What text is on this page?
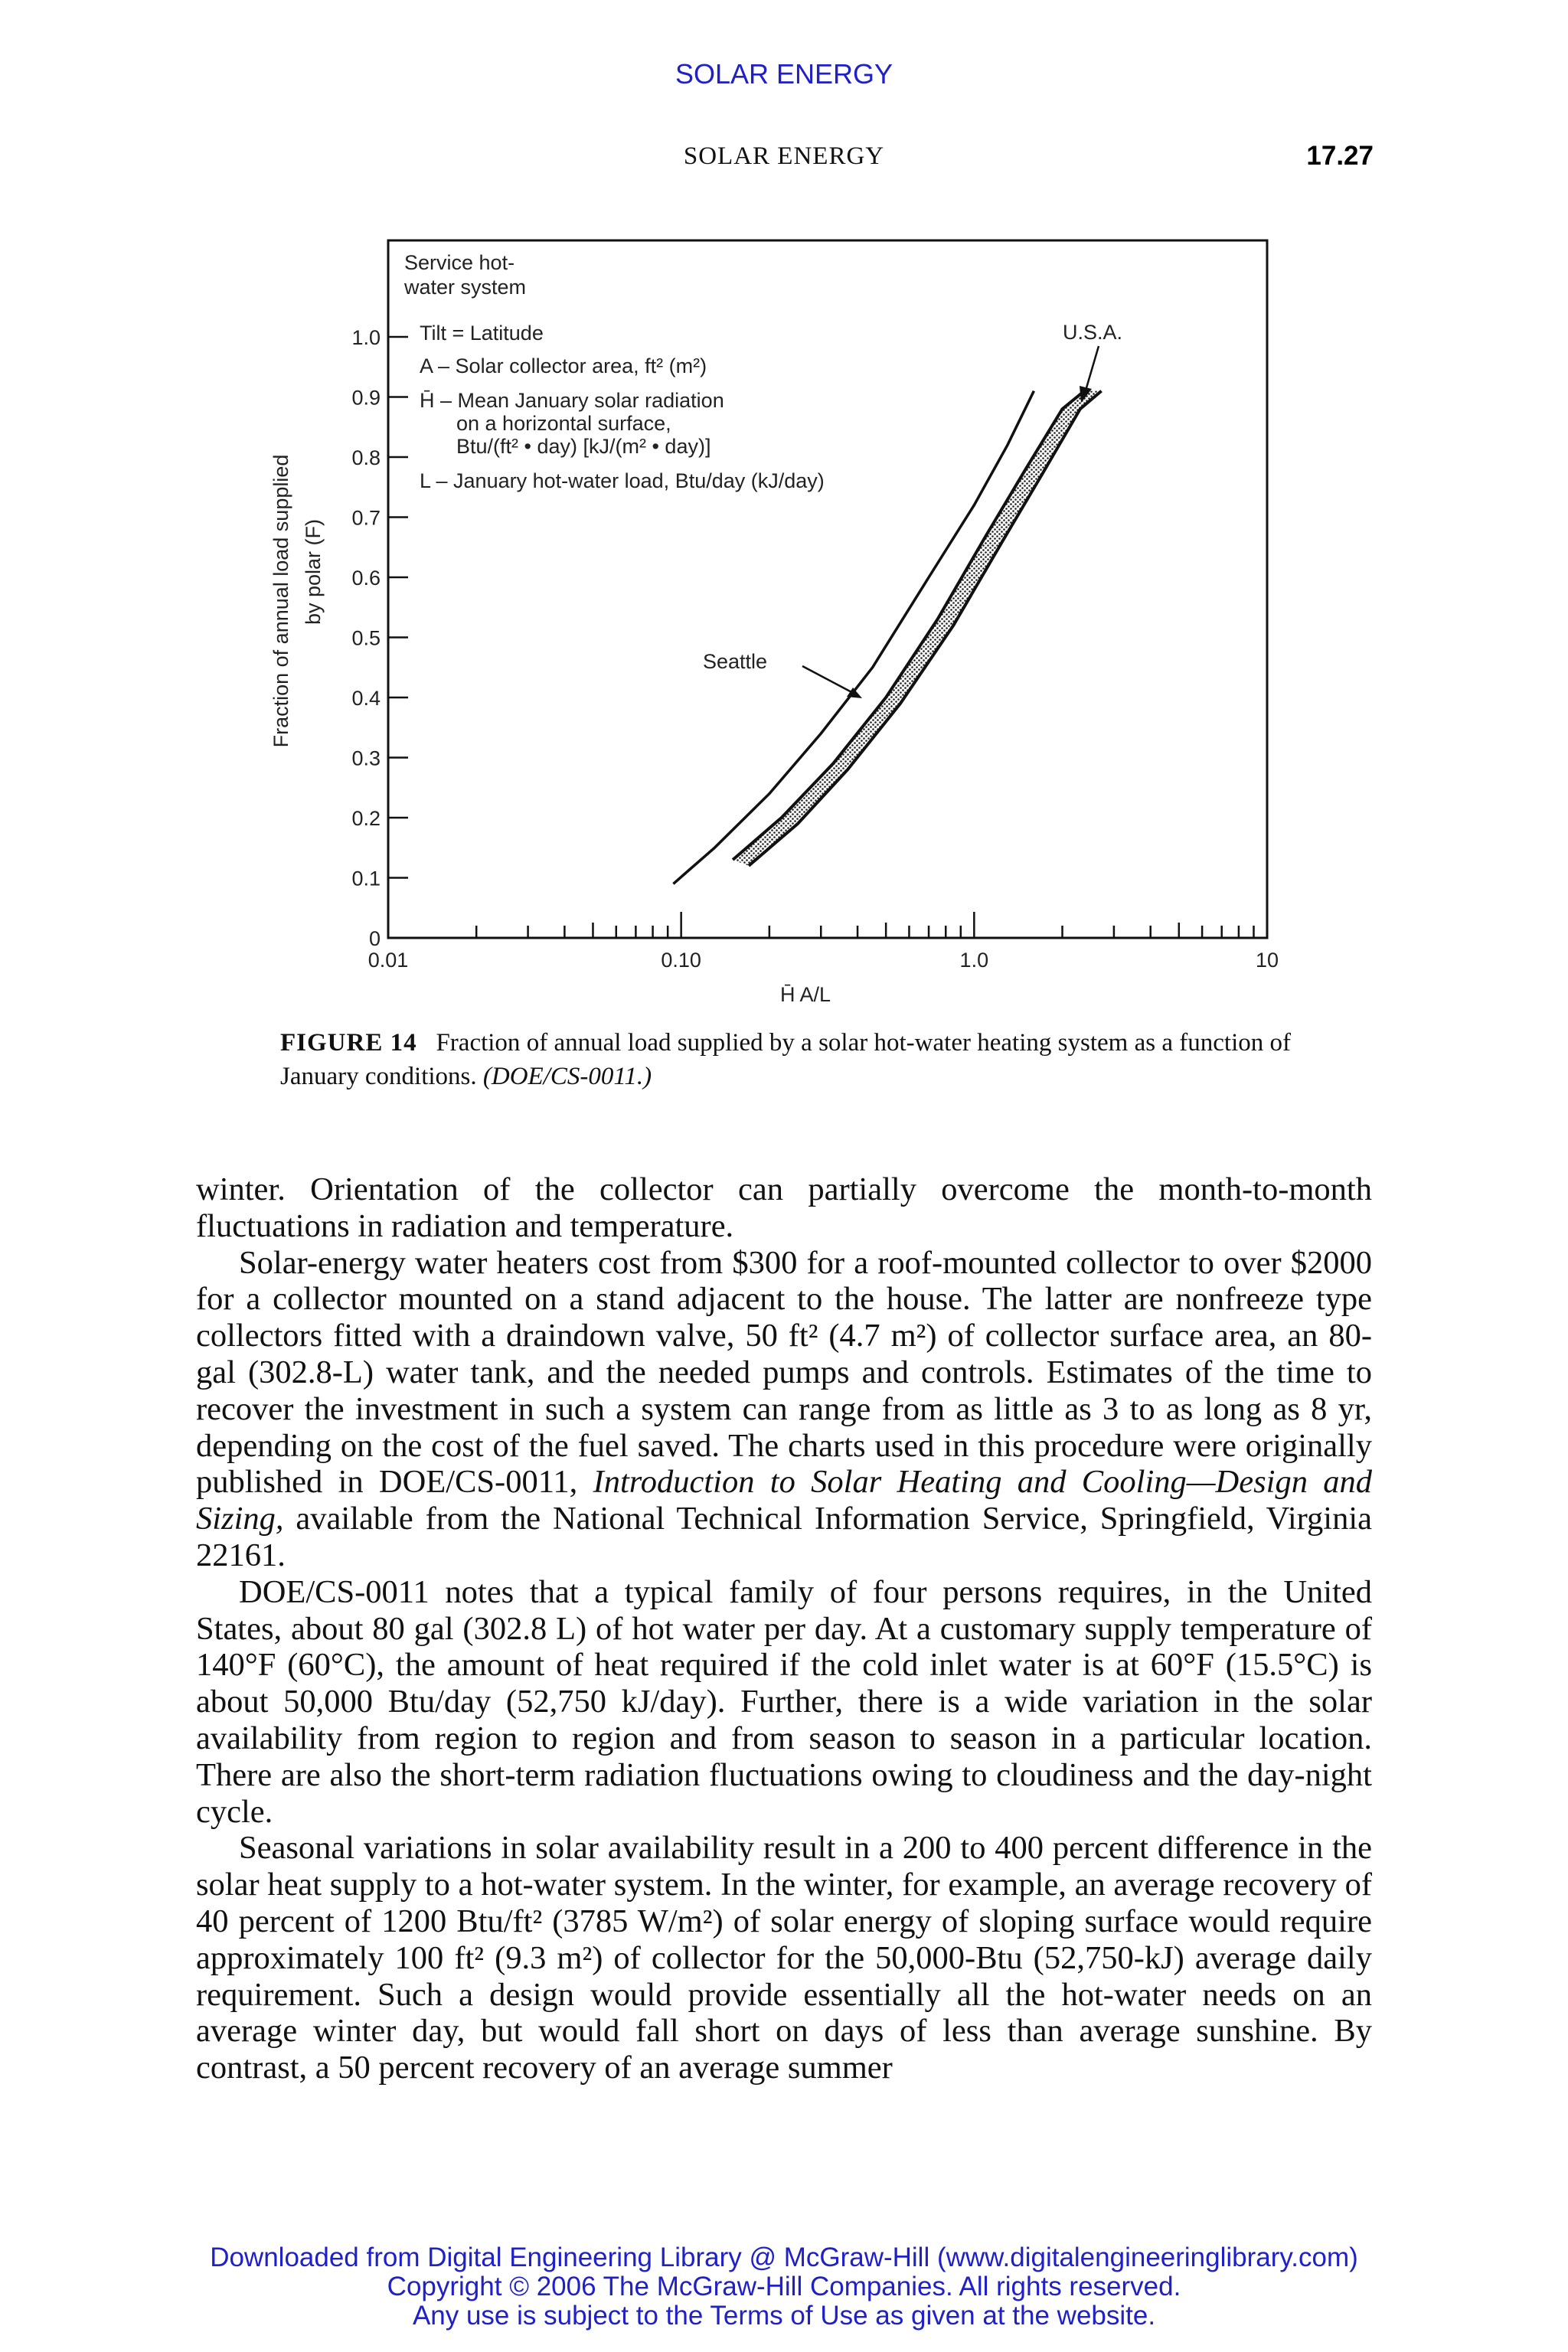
SOLAR ENERGY
SOLAR ENERGY	17.27
0
0.1
0.2
0.3
0.4
0.5
0.6
0.7
0.8
0.9
1.0
0.01	0.10	1.0	10
Service hot-
water system
Tilt = Latitude
A – Solar collector area, ft² (m²)
H̄ – Mean January solar radiation
on a horizontal surface,
Btu/(ft² • day) [kJ/(m² • day)]
L – January hot-water load, Btu/day (kJ/day)
U.S.A.
Seattle
H̄ A/L
Fraction of annual load supplied by polar (F)
FIGURE 14 Fraction of annual load supplied by a solar hot-water heating system as a function of January conditions. (DOE/CS-0011.)

winter. Orientation of the collector can partially overcome the month-to-month fluctuations in radiation and temperature.

Solar-energy water heaters cost from $300 for a roof-mounted collector to over $2000 for a collector mounted on a stand adjacent to the house. The latter are nonfreeze type collectors fitted with a draindown valve, 50 ft² (4.7 m²) of collector surface area, an 80-gal (302.8-L) water tank, and the needed pumps and controls. Estimates of the time to recover the investment in such a system can range from as little as 3 to as long as 8 yr, depending on the cost of the fuel saved. The charts used in this procedure were originally published in DOE/CS-0011, Introduction to Solar Heating and Cooling—Design and Sizing, available from the National Technical Information Service, Springfield, Virginia 22161.

DOE/CS-0011 notes that a typical family of four persons requires, in the United States, about 80 gal (302.8 L) of hot water per day. At a customary supply temperature of 140°F (60°C), the amount of heat required if the cold inlet water is at 60°F (15.5°C) is about 50,000 Btu/day (52,750 kJ/day). Further, there is a wide variation in the solar availability from region to region and from season to season in a particular location. There are also the short-term radiation fluctuations owing to cloudiness and the day-night cycle.

Seasonal variations in solar availability result in a 200 to 400 percent difference in the solar heat supply to a hot-water system. In the winter, for example, an average recovery of 40 percent of 1200 Btu/ft² (3785 W/m²) of solar energy of sloping surface would require approximately 100 ft² (9.3 m²) of collector for the 50,000-Btu (52,750-kJ) average daily requirement. Such a design would provide essentially all the hot-water needs on an average winter day, but would fall short on days of less than average sunshine. By contrast, a 50 percent recovery of an average summer

Downloaded from Digital Engineering Library @ McGraw-Hill (www.digitalengineeringlibrary.com)
Copyright © 2006 The McGraw-Hill Companies. All rights reserved.
Any use is subject to the Terms of Use as given at the website.
